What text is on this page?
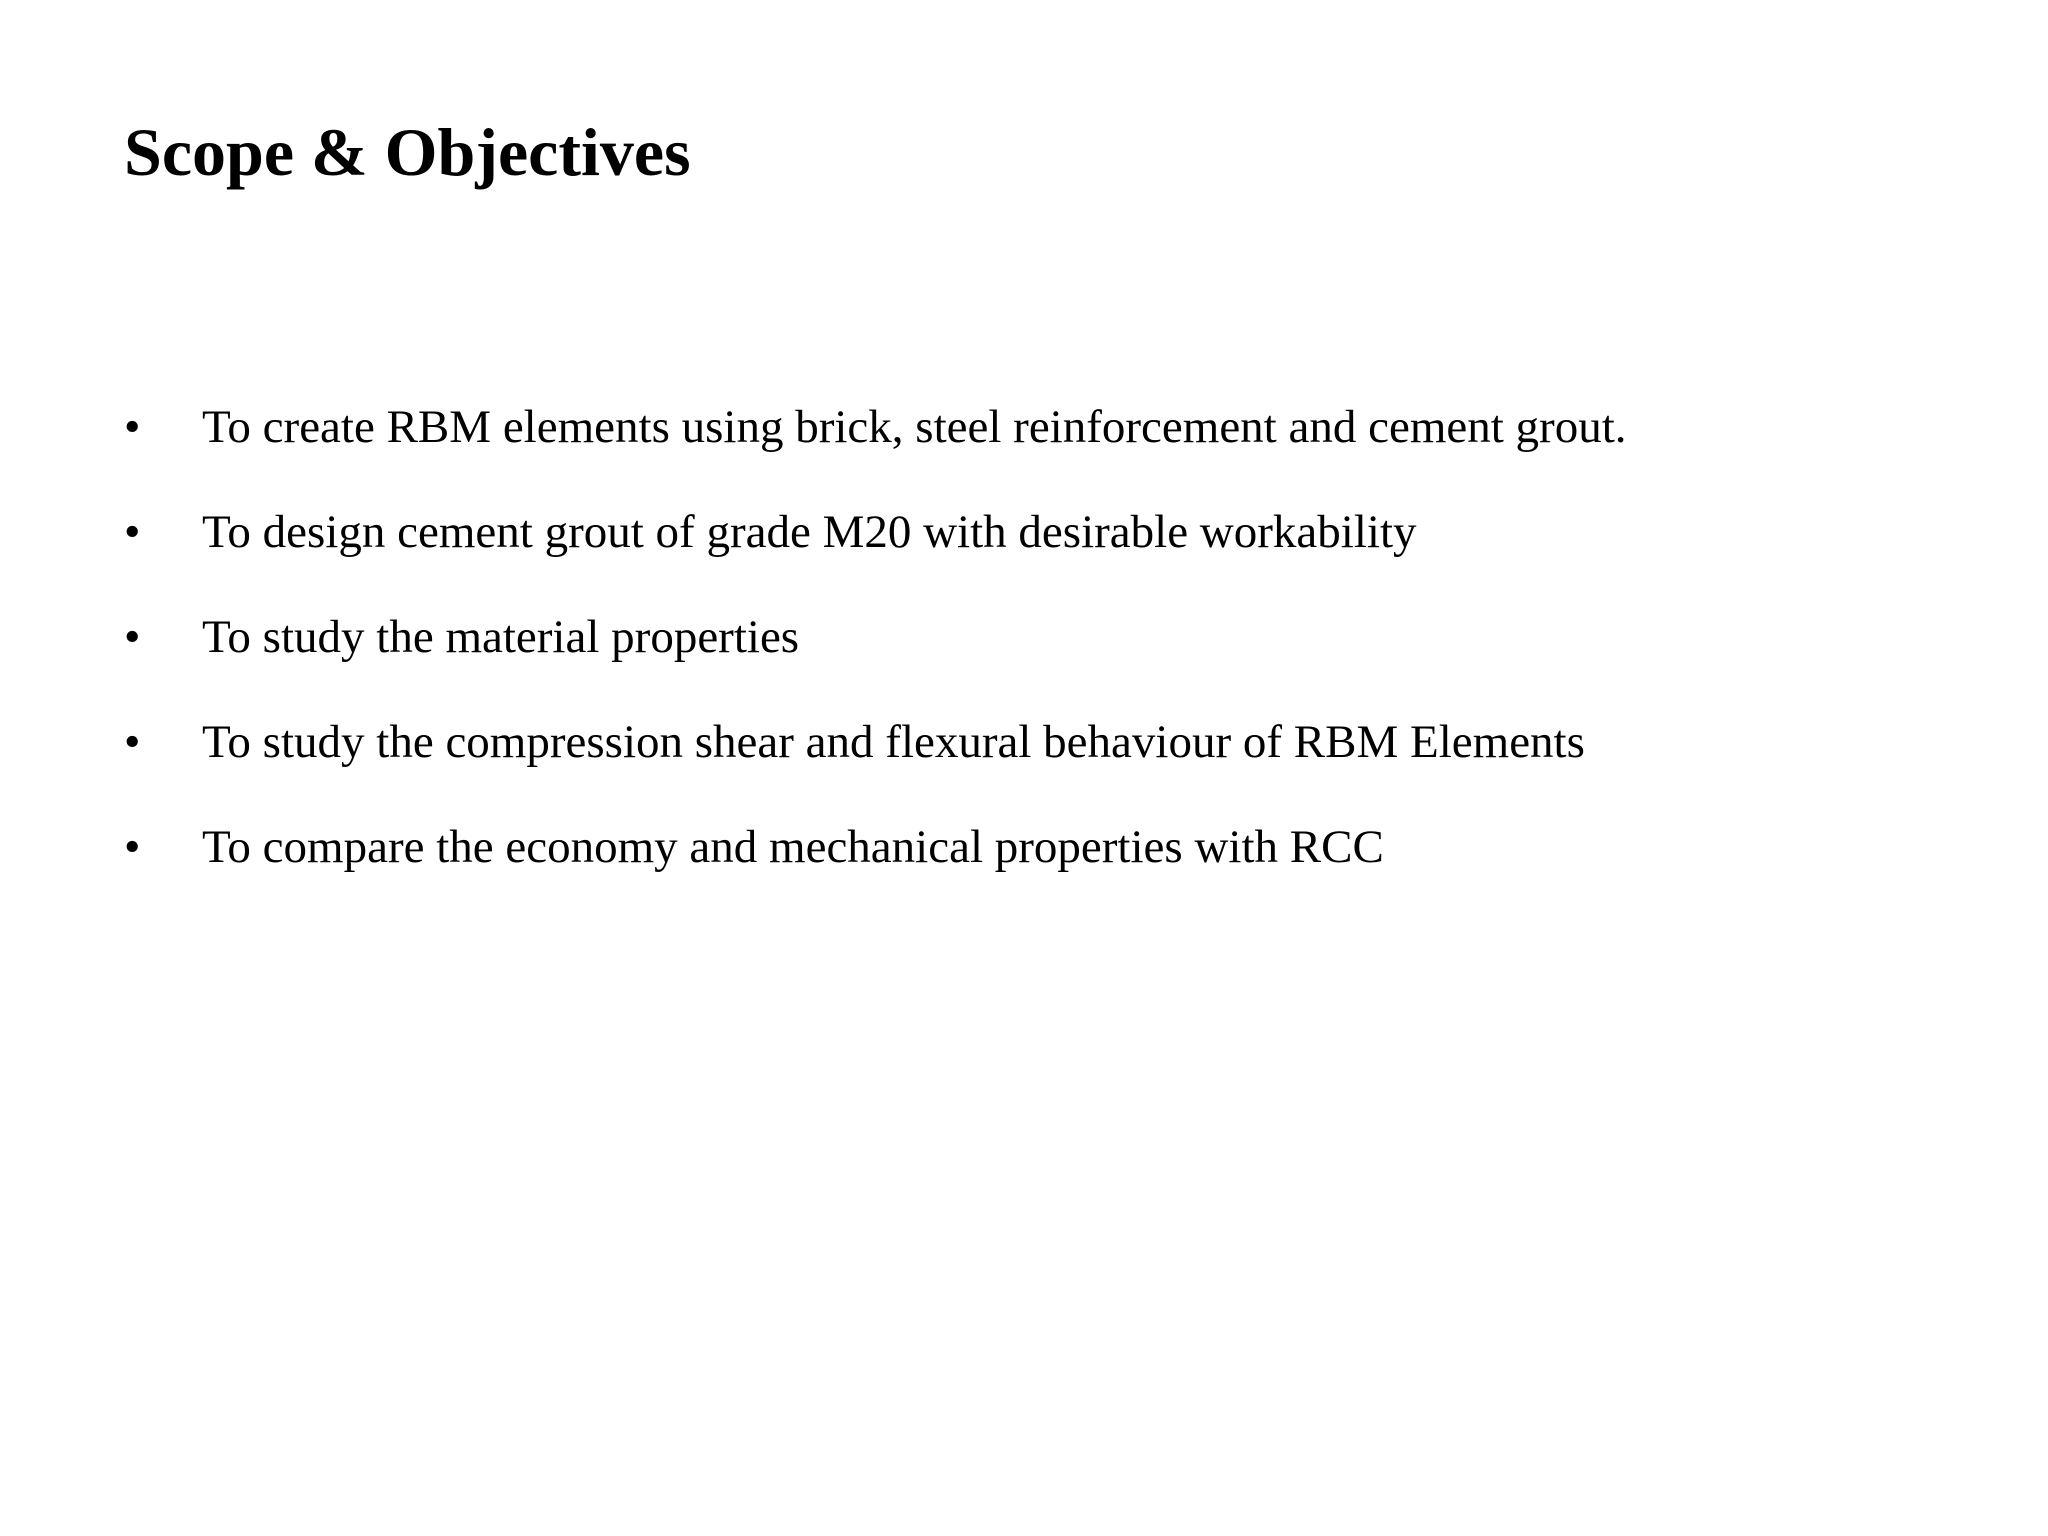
Scope & Objectives
•	To create RBM elements using brick, steel reinforcement and cement grout.
•	To design cement grout of grade M20 with desirable workability
•	To study the material properties
•	To study the compression shear and flexural behaviour of RBM Elements
•	To compare the economy and mechanical properties with RCC
